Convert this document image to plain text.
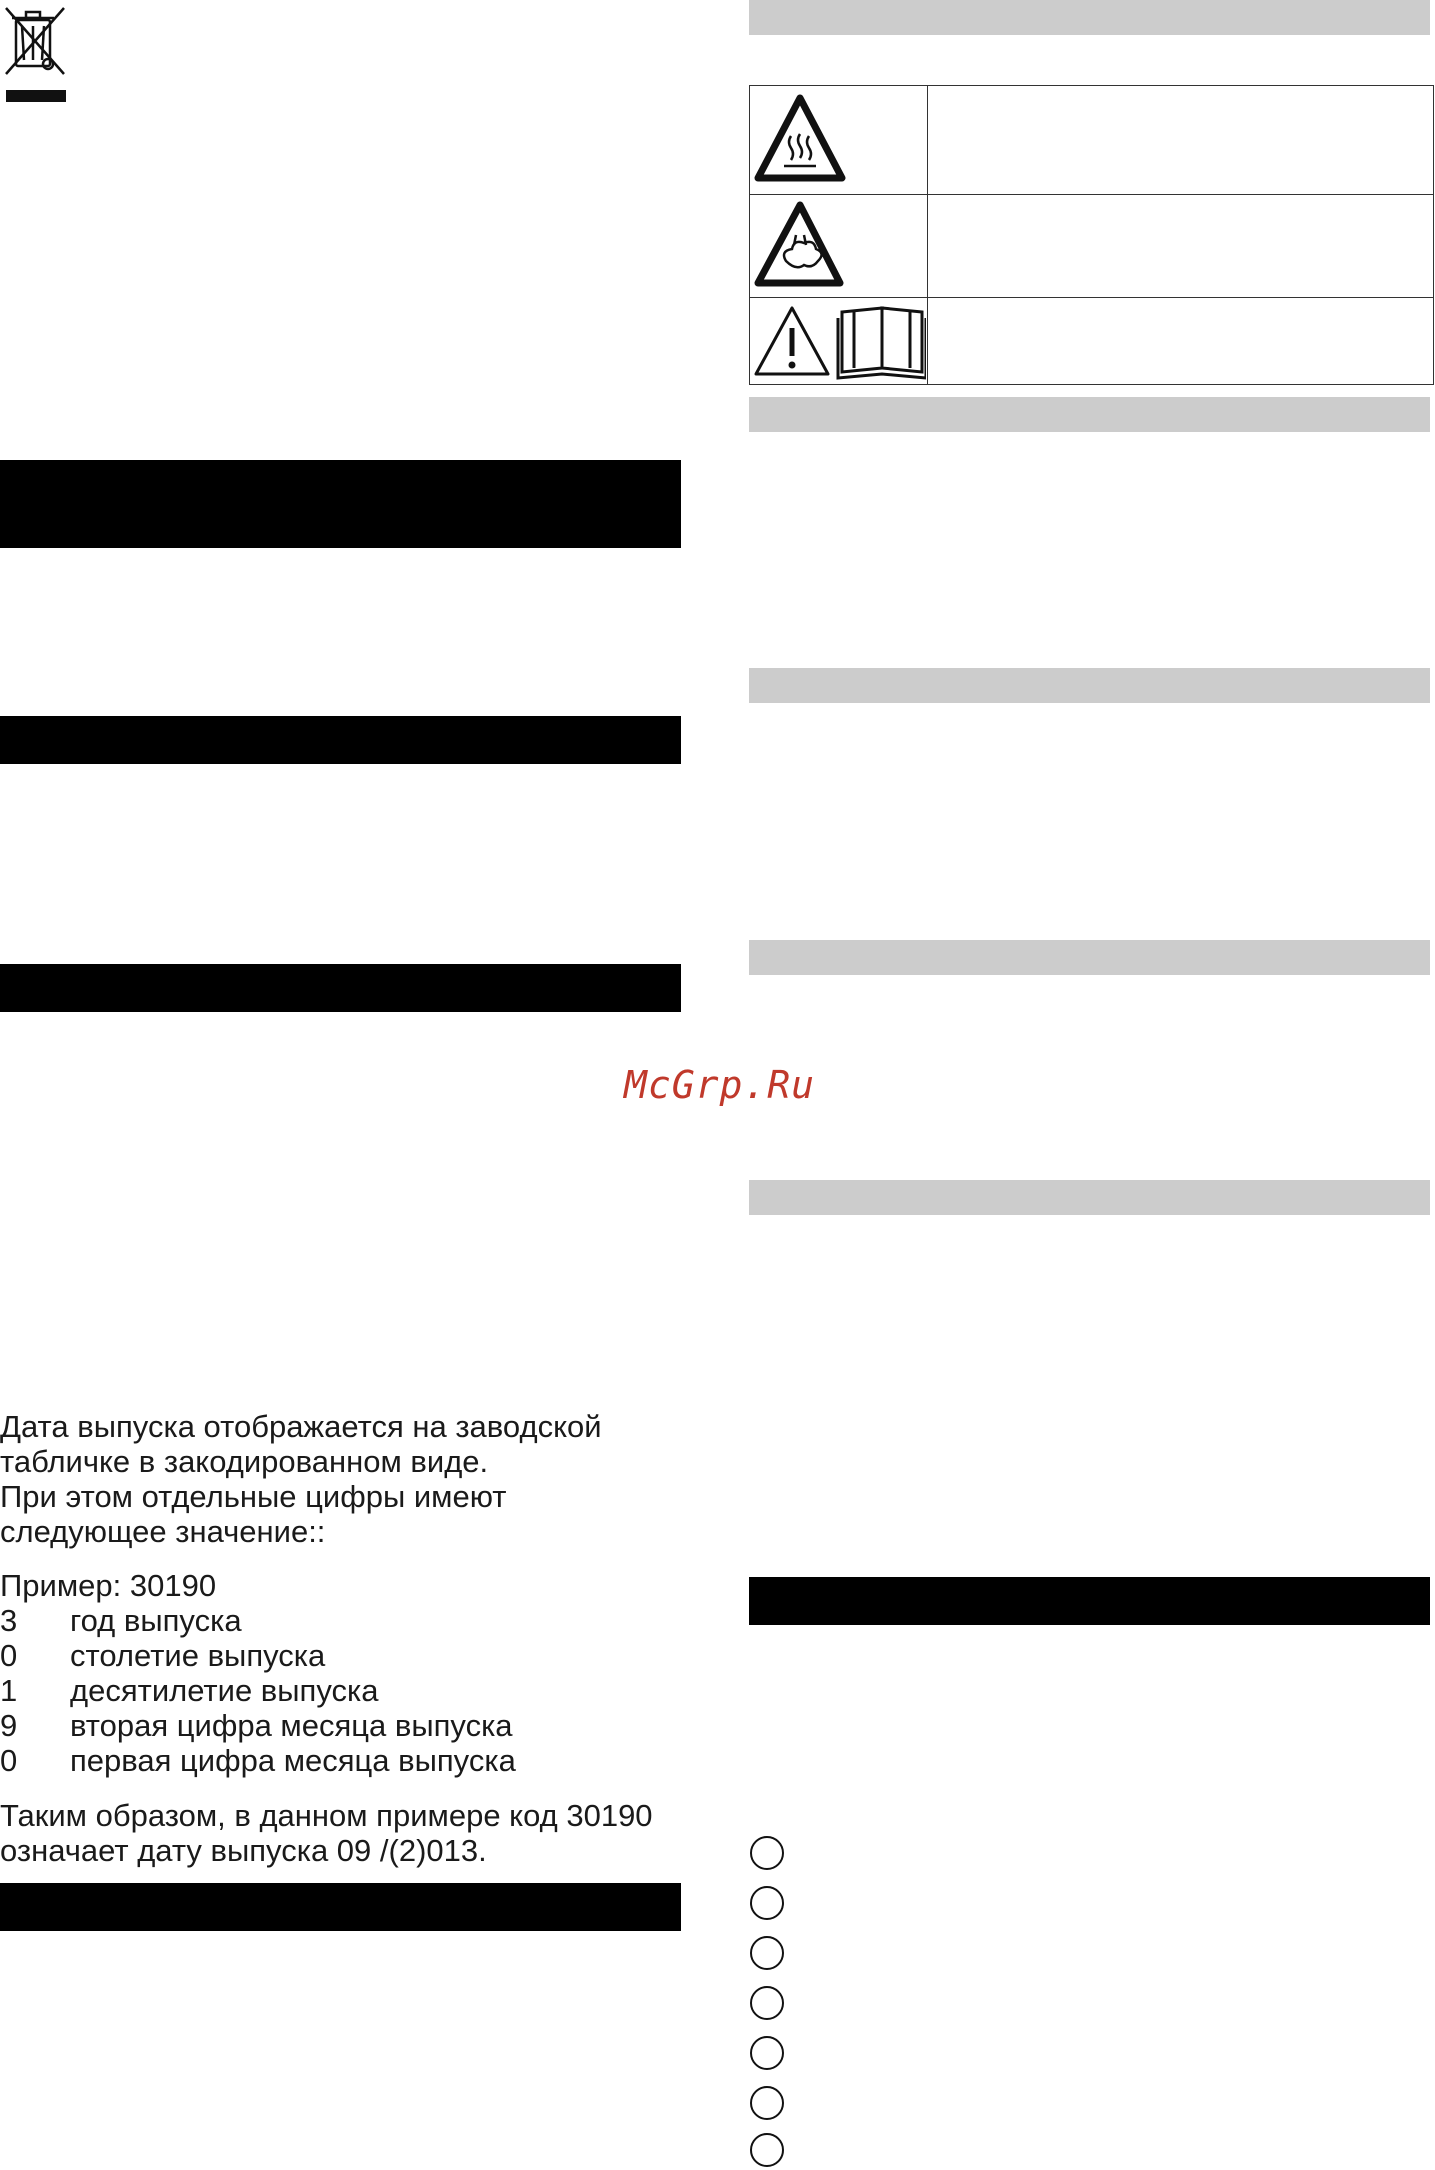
Дата выпуска отображается на заводской
табличке в закодированном виде.
При этом отдельные цифры имеют
следующее значение::
Пример: 30190
3 год выпуска
0 столетие выпуска
1 десятилетие выпуска
9 вторая цифра месяца выпуска
0 первая цифра месяца выпуска
Таким образом, в данном примере код 30190
означает дату выпуска 09 /(2)013.
McGrp.Ru
